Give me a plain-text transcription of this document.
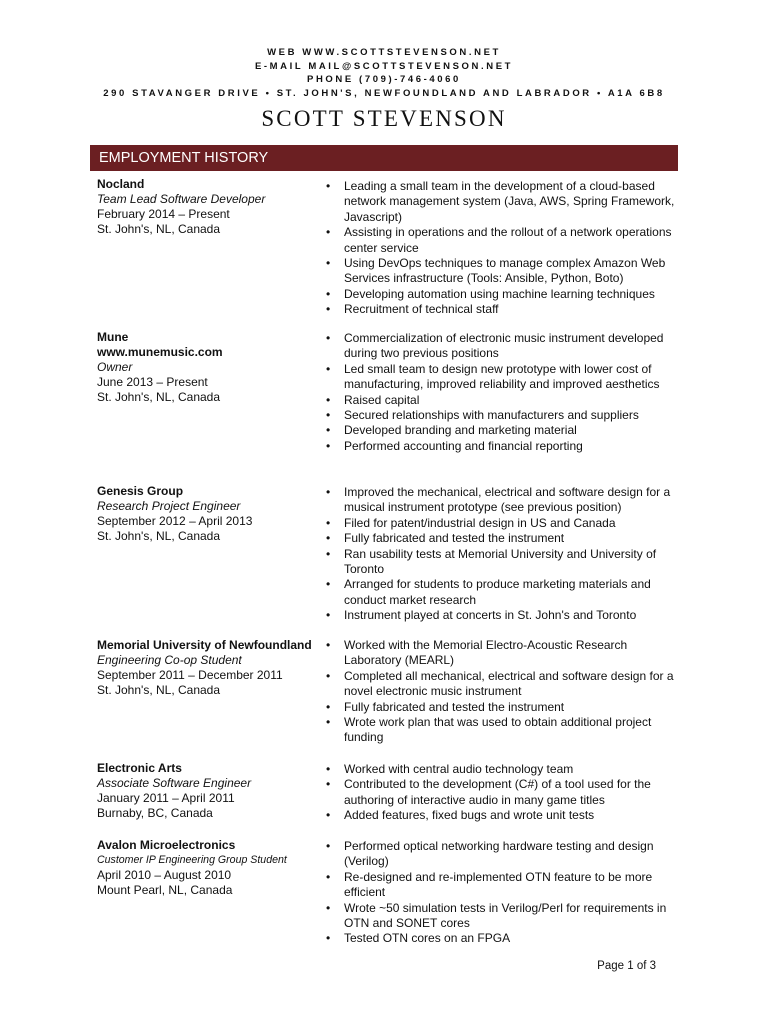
WEB WWW.SCOTTSTEVENSON.NET
E-MAIL MAIL@SCOTTSTEVENSON.NET
PHONE (709)-746-4060
290 STAVANGER DRIVE • ST. JOHN'S, NEWFOUNDLAND AND LABRADOR • A1A 6B8
SCOTT STEVENSON
EMPLOYMENT HISTORY
Nocland
Team Lead Software Developer
February 2014 – Present
St. John's, NL, Canada
• Leading a small team in the development of a cloud-based network management system (Java, AWS, Spring Framework, Javascript)
• Assisting in operations and the rollout of a network operations center service
• Using DevOps techniques to manage complex Amazon Web Services infrastructure (Tools: Ansible, Python, Boto)
• Developing automation using machine learning techniques
• Recruitment of technical staff
Mune
www.munemusic.com
Owner
June 2013 – Present
St. John's, NL, Canada
• Commercialization of electronic music instrument developed during two previous positions
• Led small team to design new prototype with lower cost of manufacturing, improved reliability and improved aesthetics
• Raised capital
• Secured relationships with manufacturers and suppliers
• Developed branding and marketing material
• Performed accounting and financial reporting
Genesis Group
Research Project Engineer
September 2012 – April 2013
St. John's, NL, Canada
• Improved the mechanical, electrical and software design for a musical instrument prototype (see previous position)
• Filed for patent/industrial design in US and Canada
• Fully fabricated and tested the instrument
• Ran usability tests at Memorial University and University of Toronto
• Arranged for students to produce marketing materials and conduct market research
• Instrument played at concerts in St. John's and Toronto
Memorial University of Newfoundland
Engineering Co-op Student
September 2011 – December 2011
St. John's, NL, Canada
• Worked with the Memorial Electro-Acoustic Research Laboratory (MEARL)
• Completed all mechanical, electrical and software design for a novel electronic music instrument
• Fully fabricated and tested the instrument
• Wrote work plan that was used to obtain additional project funding
Electronic Arts
Associate Software Engineer
January 2011 – April 2011
Burnaby, BC, Canada
• Worked with central audio technology team
• Contributed to the development (C#) of a tool used for the authoring of interactive audio in many game titles
• Added features, fixed bugs and wrote unit tests
Avalon Microelectronics
Customer IP Engineering Group Student
April 2010 – August 2010
Mount Pearl, NL, Canada
• Performed optical networking hardware testing and design (Verilog)
• Re-designed and re-implemented OTN feature to be more efficient
• Wrote ~50 simulation tests in Verilog/Perl for requirements in OTN and SONET cores
• Tested OTN cores on an FPGA
Page 1 of 3
